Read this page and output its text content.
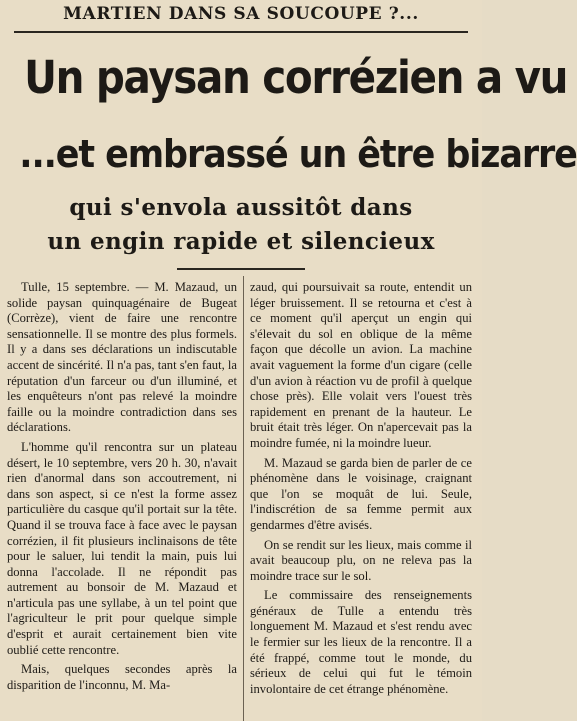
MARTIEN DANS SA SOUCOUPE ?...
Un paysan corrézien a vu
...et embrassé un être bizarre
qui s'envola aussitôt dans
un engin rapide et silencieux

Tulle, 15 septembre. — M. Mazaud, un solide paysan quinquagénaire de Bugeat (Corrèze), vient de faire une rencontre sensationnelle. Il se montre des plus formels. Il y a dans ses déclarations un indiscutable accent de sincérité. Il n'a pas, tant s'en faut, la réputation d'un farceur ou d'un illuminé, et les enquêteurs n'ont pas relevé la moindre faille ou la moindre contradiction dans ses déclarations.

L'homme qu'il rencontra sur un plateau désert, le 10 septembre, vers 20 h. 30, n'avait rien d'anormal dans son accoutrement, ni dans son aspect, si ce n'est la forme assez particulière du casque qu'il portait sur la tête. Quand il se trouva face à face avec le paysan corrézien, il fit plusieurs inclinaisons de tête pour le saluer, lui tendit la main, puis lui donna l'accolade. Il ne répondit pas autrement au bonsoir de M. Mazaud et n'articula pas une syllabe, à un tel point que l'agriculteur le prit pour quelque simple d'esprit et aurait certainement bien vite oublié cette rencontre.

Mais, quelques secondes après la disparition de l'inconnu, M. Ma-

zaud, qui poursuivait sa route, entendit un léger bruissement. Il se retourna et c'est à ce moment qu'il aperçut un engin qui s'élevait du sol en oblique de la même façon que décolle un avion. La machine avait vaguement la forme d'un cigare (celle d'un avion à réaction vu de profil à quelque chose près). Elle volait vers l'ouest très rapidement en prenant de la hauteur. Le bruit était très léger. On n'apercevait pas la moindre fumée, ni la moindre lueur.

M. Mazaud se garda bien de parler de ce phénomène dans le voisinage, craignant que l'on se moquât de lui. Seule, l'indiscrétion de sa femme permit aux gendarmes d'être avisés.

On se rendit sur les lieux, mais comme il avait beaucoup plu, on ne releva pas la moindre trace sur le sol.

Le commissaire des renseignements généraux de Tulle a entendu très longuement M. Mazaud et s'est rendu avec le fermier sur les lieux de la rencontre. Il a été frappé, comme tout le monde, du sérieux de celui qui fut le témoin involontaire de cet étrange phénomène.
